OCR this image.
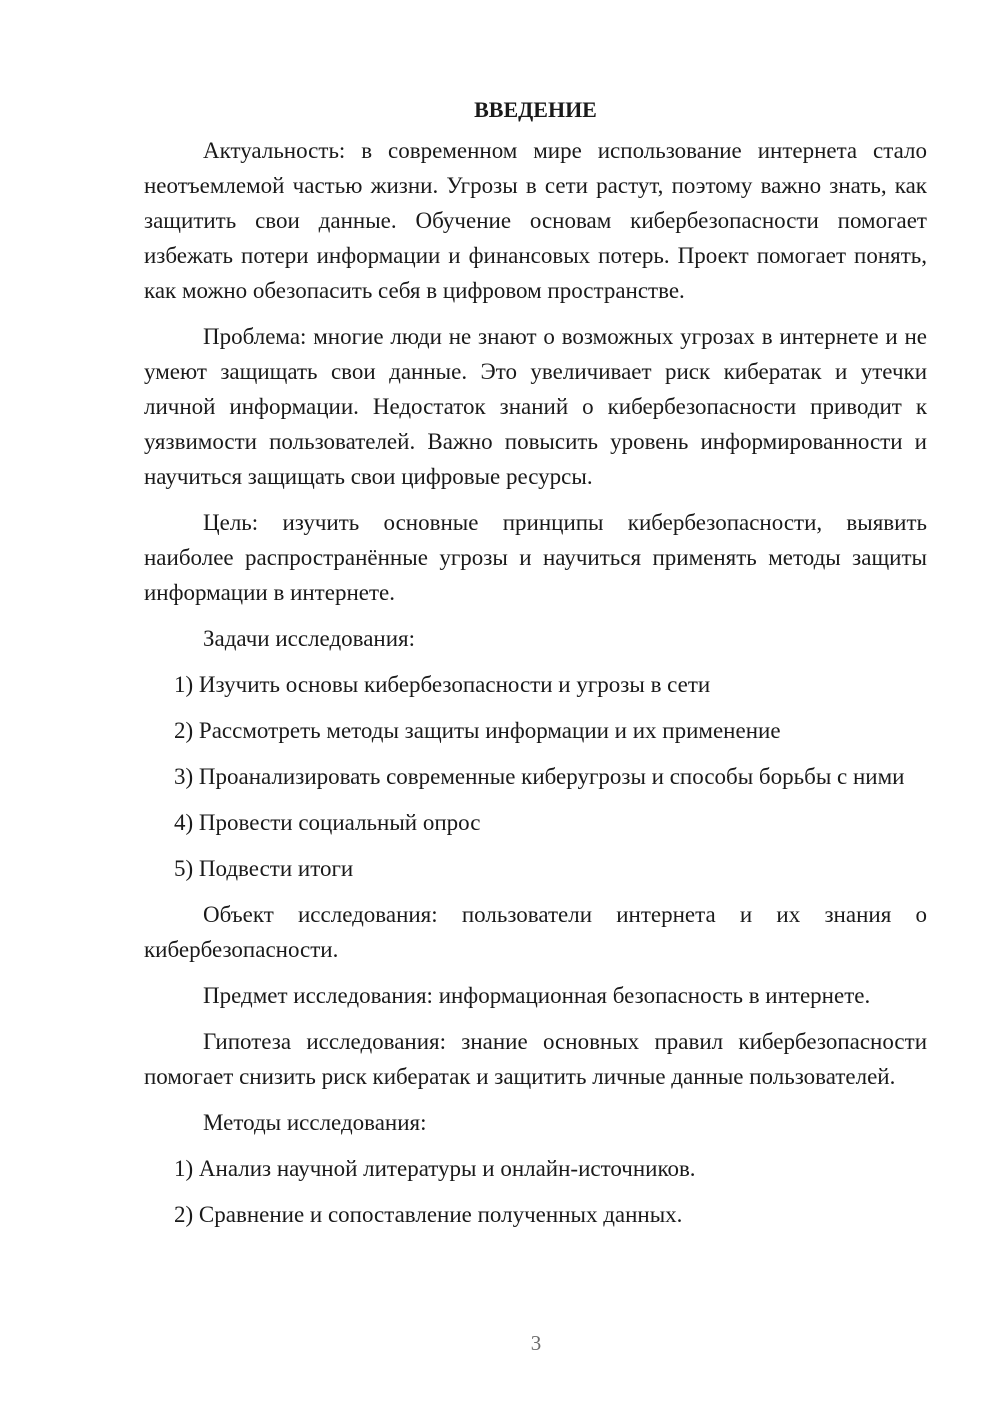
ВВЕДЕНИЕ

Актуальность: в современном мире использование интернета стало неотъемлемой частью жизни. Угрозы в сети растут, поэтому важно знать, как защитить свои данные. Обучение основам кибербезопасности помогает избежать потери информации и финансовых потерь. Проект помогает понять, как можно обезопасить себя в цифровом пространстве.

Проблема: многие люди не знают о возможных угрозах в интернете и не умеют защищать свои данные. Это увеличивает риск кибератак и утечки личной информации. Недостаток знаний о кибербезопасности приводит к уязвимости пользователей. Важно повысить уровень информированности и научиться защищать свои цифровые ресурсы.

Цель: изучить основные принципы кибербезопасности, выявить наиболее распространённые угрозы и научиться применять методы защиты информации в интернете.

Задачи исследования:

1) Изучить основы кибербезопасности и угрозы в сети

2) Рассмотреть методы защиты информации и их применение

3) Проанализировать современные киберугрозы и способы борьбы с ними

4) Провести социальный опрос

5) Подвести итоги

Объект исследования: пользователи интернета и их знания о кибербезопасности.

Предмет исследования: информационная безопасность в интернете.

Гипотеза исследования: знание основных правил кибербезопасности помогает снизить риск кибератак и защитить личные данные пользователей.

Методы исследования:

1) Анализ научной литературы и онлайн-источников.

2) Сравнение и сопоставление полученных данных.

3
